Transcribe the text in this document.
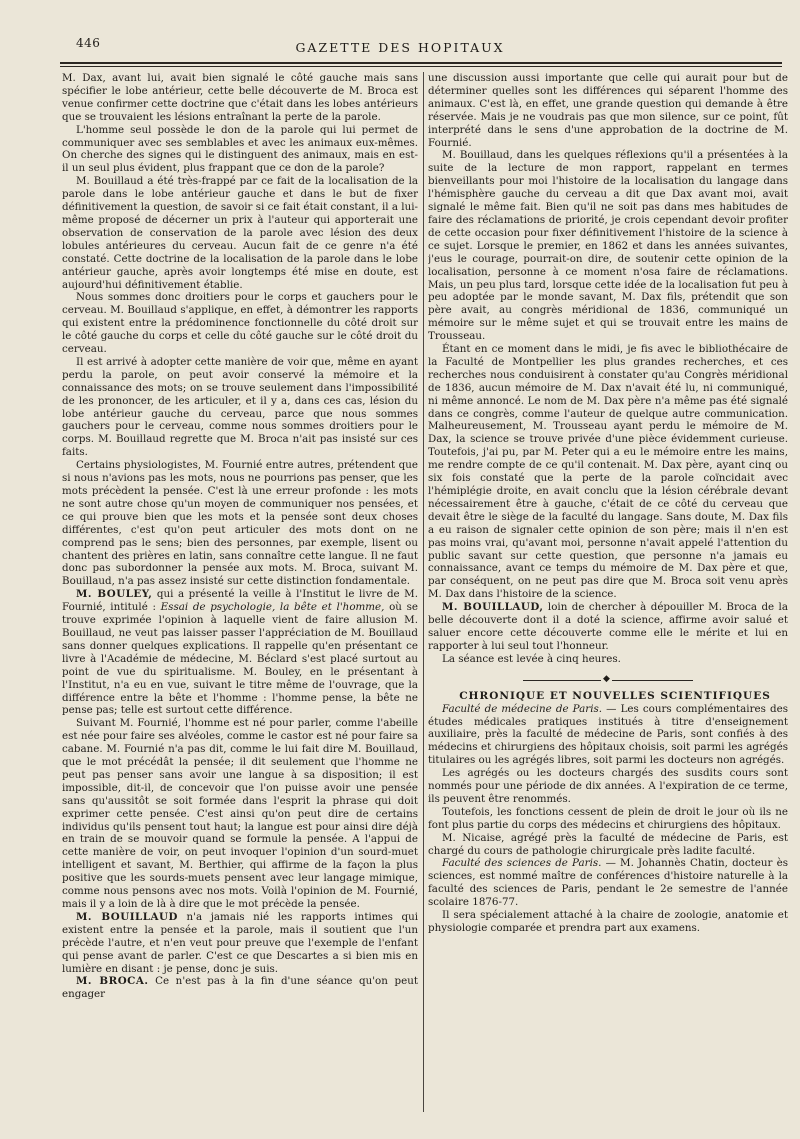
446	GAZETTE DES HOPITAUX

M. Dax, avant lui, avait bien signalé le côté gauche mais sans spécifier le lobe antérieur, cette belle découverte de M. Broca est venue confirmer cette doctrine que c'était dans les lobes antérieurs que se trouvaient les lésions entraînant la perte de la parole.

L'homme seul possède le don de la parole qui lui permet de communiquer avec ses semblables et avec les animaux eux-mêmes. On cherche des signes qui le distinguent des animaux, mais en est-il un seul plus évident, plus frappant que ce don de la parole?

M. Bouillaud a été très-frappé par ce fait de la localisation de la parole dans le lobe antérieur gauche et dans le but de fixer définitivement la question, de savoir si ce fait était constant, il a lui-même proposé de décerner un prix à l'auteur qui apporterait une observation de conservation de la parole avec lésion des deux lobules antérieures du cerveau. Aucun fait de ce genre n'a été constaté. Cette doctrine de la localisation de la parole dans le lobe antérieur gauche, après avoir longtemps été mise en doute, est aujourd'hui définitivement établie.

Nous sommes donc droitiers pour le corps et gauchers pour le cerveau. M. Bouillaud s'applique, en effet, à démontrer les rapports qui existent entre la prédominence fonctionnelle du côté droit sur le côté gauche du corps et celle du côté gauche sur le côté droit du cerveau.

Il est arrivé à adopter cette manière de voir que, même en ayant perdu la parole, on peut avoir conservé la mémoire et la connaissance des mots; on se trouve seulement dans l'impossibilité de les prononcer, de les articuler, et il y a, dans ces cas, lésion du lobe antérieur gauche du cerveau, parce que nous sommes gauchers pour le cerveau, comme nous sommes droitiers pour le corps. M. Bouillaud regrette que M. Broca n'ait pas insisté sur ces faits.

Certains physiologistes, M. Fournié entre autres, prétendent que si nous n'avions pas les mots, nous ne pourrions pas penser, que les mots précèdent la pensée. C'est là une erreur profonde : les mots ne sont autre chose qu'un moyen de communiquer nos pensées, et ce qui prouve bien que les mots et la pensée sont deux choses différentes, c'est qu'on peut articuler des mots dont on ne comprend pas le sens; bien des personnes, par exemple, lisent ou chantent des prières en latin, sans connaître cette langue. Il ne faut donc pas subordonner la pensée aux mots. M. Broca, suivant M. Bouillaud, n'a pas assez insisté sur cette distinction fondamentale.

M. BOULEY, qui a présenté la veille à l'Institut le livre de M. Fournié, intitulé : Essai de psychologie, la bête et l'homme, où se trouve exprimée l'opinion à laquelle vient de faire allusion M. Bouillaud, ne veut pas laisser passer l'appréciation de M. Bouillaud sans donner quelques explications. Il rappelle qu'en présentant ce livre à l'Académie de médecine, M. Béclard s'est placé surtout au point de vue du spiritualisme. M. Bouley, en le présentant à l'Institut, n'a eu en vue, suivant le titre même de l'ouvrage, que la différence entre la bête et l'homme : l'homme pense, la bête ne pense pas; telle est surtout cette différence.

Suivant M. Fournié, l'homme est né pour parler, comme l'abeille est née pour faire ses alvéoles, comme le castor est né pour faire sa cabane. M. Fournié n'a pas dit, comme le lui fait dire M. Bouillaud, que le mot précédât la pensée; il dit seulement que l'homme ne peut pas penser sans avoir une langue à sa disposition; il est impossible, dit-il, de concevoir que l'on puisse avoir une pensée sans qu'aussitôt se soit formée dans l'esprit la phrase qui doit exprimer cette pensée. C'est ainsi qu'on peut dire de certains individus qu'ils pensent tout haut; la langue est pour ainsi dire déjà en train de se mouvoir quand se formule la pensée. A l'appui de cette manière de voir, on peut invoquer l'opinion d'un sourd-muet intelligent et savant, M. Berthier, qui affirme de la façon la plus positive que les sourds-muets pensent avec leur langage mimique, comme nous pensons avec nos mots. Voilà l'opinion de M. Fournié, mais il y a loin de là à dire que le mot précède la pensée.

M. BOUILLAUD n'a jamais nié les rapports intimes qui existent entre la pensée et la parole, mais il soutient que l'un précède l'autre, et n'en veut pour preuve que l'exemple de l'enfant qui pense avant de parler. C'est ce que Descartes a si bien mis en lumière en disant : je pense, donc je suis.

M. BROCA. Ce n'est pas à la fin d'une séance qu'on peut engager

une discussion aussi importante que celle qui aurait pour but de déterminer quelles sont les différences qui séparent l'homme des animaux. C'est là, en effet, une grande question qui demande à être réservée. Mais je ne voudrais pas que mon silence, sur ce point, fût interprété dans le sens d'une approbation de la doctrine de M. Fournié.

M. Bouillaud, dans les quelques réflexions qu'il a présentées à la suite de la lecture de mon rapport, rappelant en termes bienveillants pour moi l'histoire de la localisation du langage dans l'hémisphère gauche du cerveau a dit que Dax avant moi, avait signalé le même fait. Bien qu'il ne soit pas dans mes habitudes de faire des réclamations de priorité, je crois cependant devoir profiter de cette occasion pour fixer définitivement l'histoire de la science à ce sujet. Lorsque le premier, en 1862 et dans les années suivantes, j'eus le courage, pourrait-on dire, de soutenir cette opinion de la localisation, personne à ce moment n'osa faire de réclamations. Mais, un peu plus tard, lorsque cette idée de la localisation fut peu à peu adoptée par le monde savant, M. Dax fils, prétendit que son père avait, au congrès méridional de 1836, communiqué un mémoire sur le même sujet et qui se trouvait entre les mains de Trousseau.

Étant en ce moment dans le midi, je fis avec le bibliothécaire de la Faculté de Montpellier les plus grandes recherches, et ces recherches nous conduisirent à constater qu'au Congrès méridional de 1836, aucun mémoire de M. Dax n'avait été lu, ni communiqué, ni même annoncé. Le nom de M. Dax père n'a même pas été signalé dans ce congrès, comme l'auteur de quelque autre communication. Malheureusement, M. Trousseau ayant perdu le mémoire de M. Dax, la science se trouve privée d'une pièce évidemment curieuse. Toutefois, j'ai pu, par M. Peter qui a eu le mémoire entre les mains, me rendre compte de ce qu'il contenait. M. Dax père, ayant cinq ou six fois constaté que la perte de la parole coïncidait avec l'hémiplégie droite, en avait conclu que la lésion cérébrale devant nécessairement être à gauche, c'était de ce côté du cerveau que devait être le siège de la faculté du langage. Sans doute, M. Dax fils a eu raison de signaler cette opinion de son père; mais il n'en est pas moins vrai, qu'avant moi, personne n'avait appelé l'attention du public savant sur cette question, que personne n'a jamais eu connaissance, avant ce temps du mémoire de M. Dax père et que, par conséquent, on ne peut pas dire que M. Broca soit venu après M. Dax dans l'histoire de la science.

M. BOUILLAUD, loin de chercher à dépouiller M. Broca de la belle découverte dont il a doté la science, affirme avoir salué et saluer encore cette découverte comme elle le mérite et lui en rapporter à lui seul tout l'honneur.

La séance est levée à cinq heures.

◆

CHRONIQUE ET NOUVELLES SCIENTIFIQUES

Faculté de médecine de Paris. — Les cours complémentaires des études médicales pratiques institués à titre d'enseignement auxiliaire, près la faculté de médecine de Paris, sont confiés à des médecins et chirurgiens des hôpitaux choisis, soit parmi les agrégés titulaires ou les agrégés libres, soit parmi les docteurs non agrégés.

Les agrégés ou les docteurs chargés des susdits cours sont nommés pour une période de dix années. A l'expiration de ce terme, ils peuvent être renommés.

Toutefois, les fonctions cessent de plein de droit le jour où ils ne font plus partie du corps des médecins et chirurgiens des hôpitaux.

M. Nicaise, agrégé près la faculté de médecine de Paris, est chargé du cours de pathologie chirurgicale près ladite faculté.

Faculté des sciences de Paris. — M. Johannès Chatin, docteur ès sciences, est nommé maître de conférences d'histoire naturelle à la faculté des sciences de Paris, pendant le 2e semestre de l'année scolaire 1876-77.

Il sera spécialement attaché à la chaire de zoologie, anatomie et physiologie comparée et prendra part aux examens.
